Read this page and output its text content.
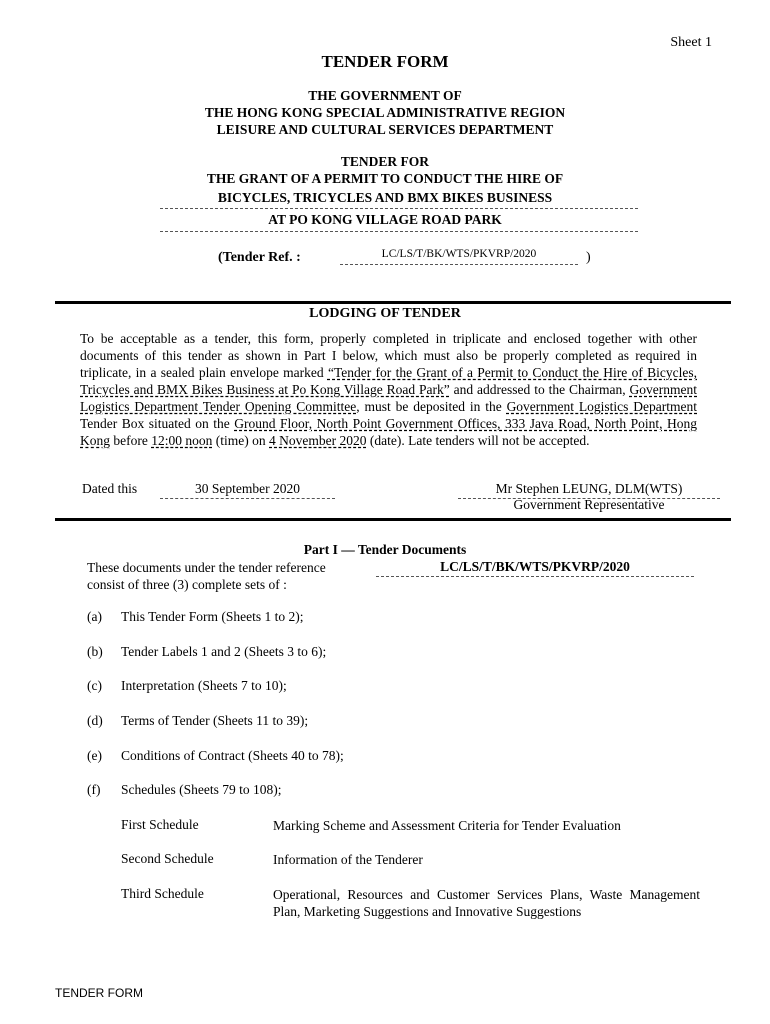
Sheet 1
TENDER FORM
THE GOVERNMENT OF
THE HONG KONG SPECIAL ADMINISTRATIVE REGION
LEISURE AND CULTURAL SERVICES DEPARTMENT
TENDER FOR
THE GRANT OF A PERMIT TO CONDUCT THE HIRE OF
BICYCLES, TRICYCLES AND BMX BIKES BUSINESS
AT PO KONG VILLAGE ROAD PARK
(Tender Ref. :	LC/LS/T/BK/WTS/PKVRP/2020	)
LODGING OF TENDER
To be acceptable as a tender, this form, properly completed in triplicate and enclosed together with other documents of this tender as shown in Part I below, which must also be properly completed as required in triplicate, in a sealed plain envelope marked “Tender for the Grant of a Permit to Conduct the Hire of Bicycles, Tricycles and BMX Bikes Business at Po Kong Village Road Park” and addressed to the Chairman, Government Logistics Department Tender Opening Committee, must be deposited in the Government Logistics Department Tender Box situated on the Ground Floor, North Point Government Offices, 333 Java Road, North Point, Hong Kong before 12:00 noon (time) on 4 November 2020 (date). Late tenders will not be accepted.
Dated this	30 September 2020	Mr Stephen LEUNG, DLM(WTS)
Government Representative
Part I — Tender Documents
These documents under the tender reference
consist of three (3) complete sets of :
LC/LS/T/BK/WTS/PKVRP/2020
(a) This Tender Form (Sheets 1 to 2);
(b) Tender Labels 1 and 2 (Sheets 3 to 6);
(c) Interpretation (Sheets 7 to 10);
(d) Terms of Tender (Sheets 11 to 39);
(e) Conditions of Contract (Sheets 40 to 78);
(f) Schedules (Sheets 79 to 108);
First Schedule	Marking Scheme and Assessment Criteria for Tender Evaluation
Second Schedule	Information of the Tenderer
Third Schedule	Operational, Resources and Customer Services Plans, Waste Management Plan, Marketing Suggestions and Innovative Suggestions
TENDER FORM
